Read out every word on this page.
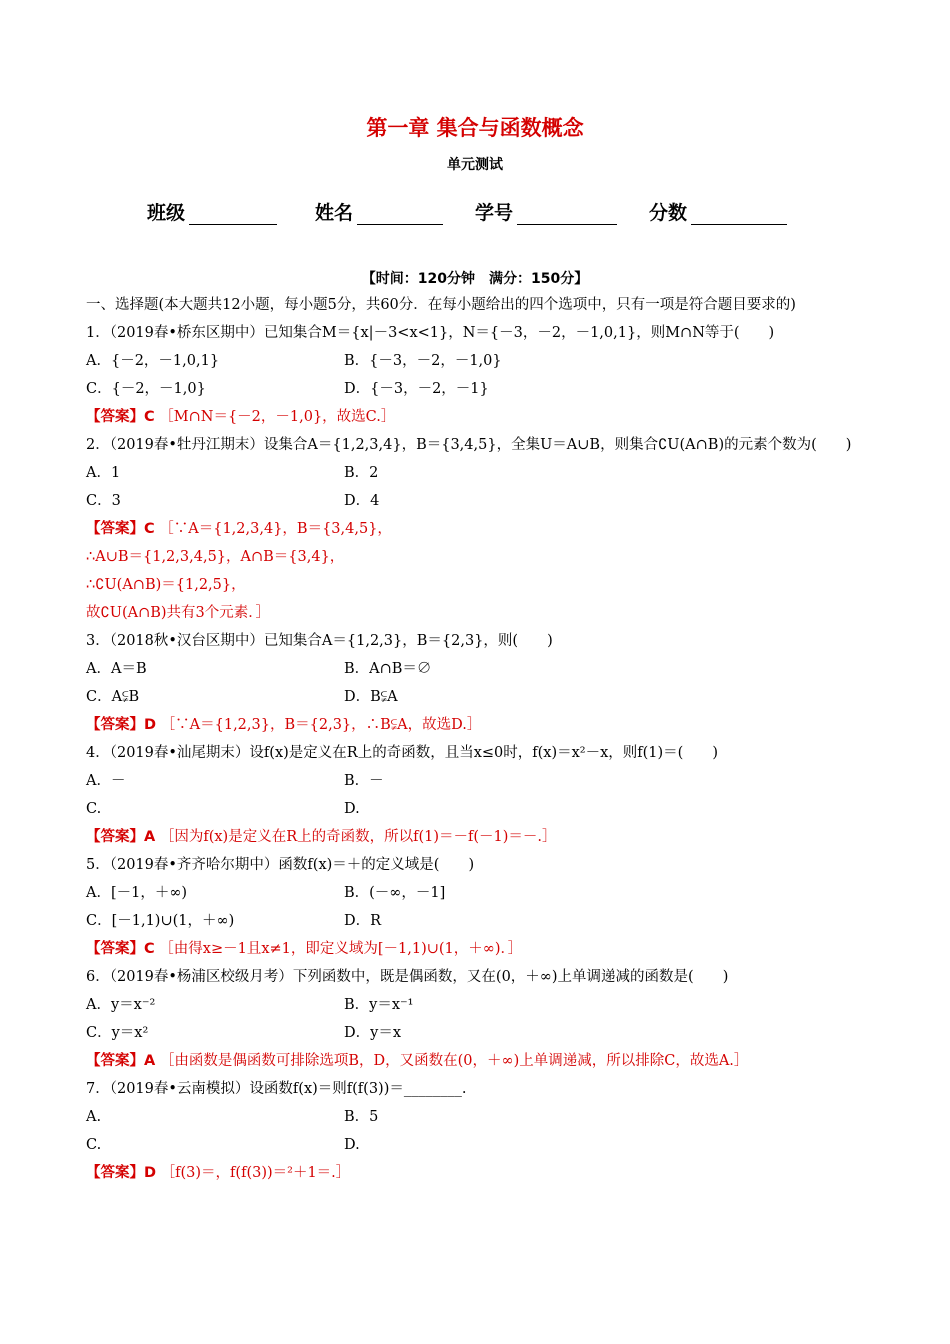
第一章 集合与函数概念
单元测试
班级	姓名	学号	分数
【时间：120分钟　满分：150分】
一、选择题(本大题共12小题，每小题5分，共60分．在每小题给出的四个选项中，只有一项是符合题目要求的)
1．（2019春•桥东区期中）已知集合M＝{x|－3<x<1}，N＝{－3，－2，－1,0,1}，则M∩N等于(　　)
A．{－2，－1,0,1}	B．{－3，－2，－1,0}
C．{－2，－1,0}	D．{－3，－2，－1}
【答案】C ［M∩N＝{－2，－1,0}，故选C.］
2．（2019春•牡丹江期末）设集合A＝{1,2,3,4}，B＝{3,4,5}，全集U＝A∪B，则集合∁U(A∩B)的元素个数为(　　)
A．1	B．2
C．3	D．4
【答案】C ［∵A＝{1,2,3,4}，B＝{3,4,5}，
∴A∪B＝{1,2,3,4,5}，A∩B＝{3,4}，
∴∁U(A∩B)＝{1,2,5}，
故∁U(A∩B)共有3个元素．］
3．（2018秋•汉台区期中）已知集合A＝{1,2,3}，B＝{2,3}，则(　　)
A．A＝B	B．A∩B＝∅
C．A⫋B	D．B⫋A
【答案】D ［∵A＝{1,2,3}，B＝{2,3}，∴B⫋A，故选D.］
4．（2019春•汕尾期末）设f(x)是定义在R上的奇函数，且当x≤0时，f(x)＝x²－x，则f(1)＝(　　)
A．－	B．－
C.	D.
【答案】A ［因为f(x)是定义在R上的奇函数，所以f(1)＝－f(－1)＝－.］
5．（2019春•齐齐哈尔期中）函数f(x)＝＋的定义域是(　　)
A．[－1，＋∞)	B．(－∞，－1]
C．[－1,1)∪(1，＋∞)	D．R
【答案】C ［由得x≥－1且x≠1，即定义域为[－1,1)∪(1，＋∞)．］
6．（2019春•杨浦区校级月考）下列函数中，既是偶函数，又在(0，＋∞)上单调递减的函数是(　　)
A．y＝x⁻²	B．y＝x⁻¹
C．y＝x²	D．y＝x
【答案】A ［由函数是偶函数可排除选项B，D，又函数在(0，＋∞)上单调递减，所以排除C，故选A.］
7．（2019春•云南模拟）设函数f(x)＝则f(f(3))＝________.
A.	B．5
C.	D.
【答案】D ［f(3)＝，f(f(3))＝²＋1＝.］
